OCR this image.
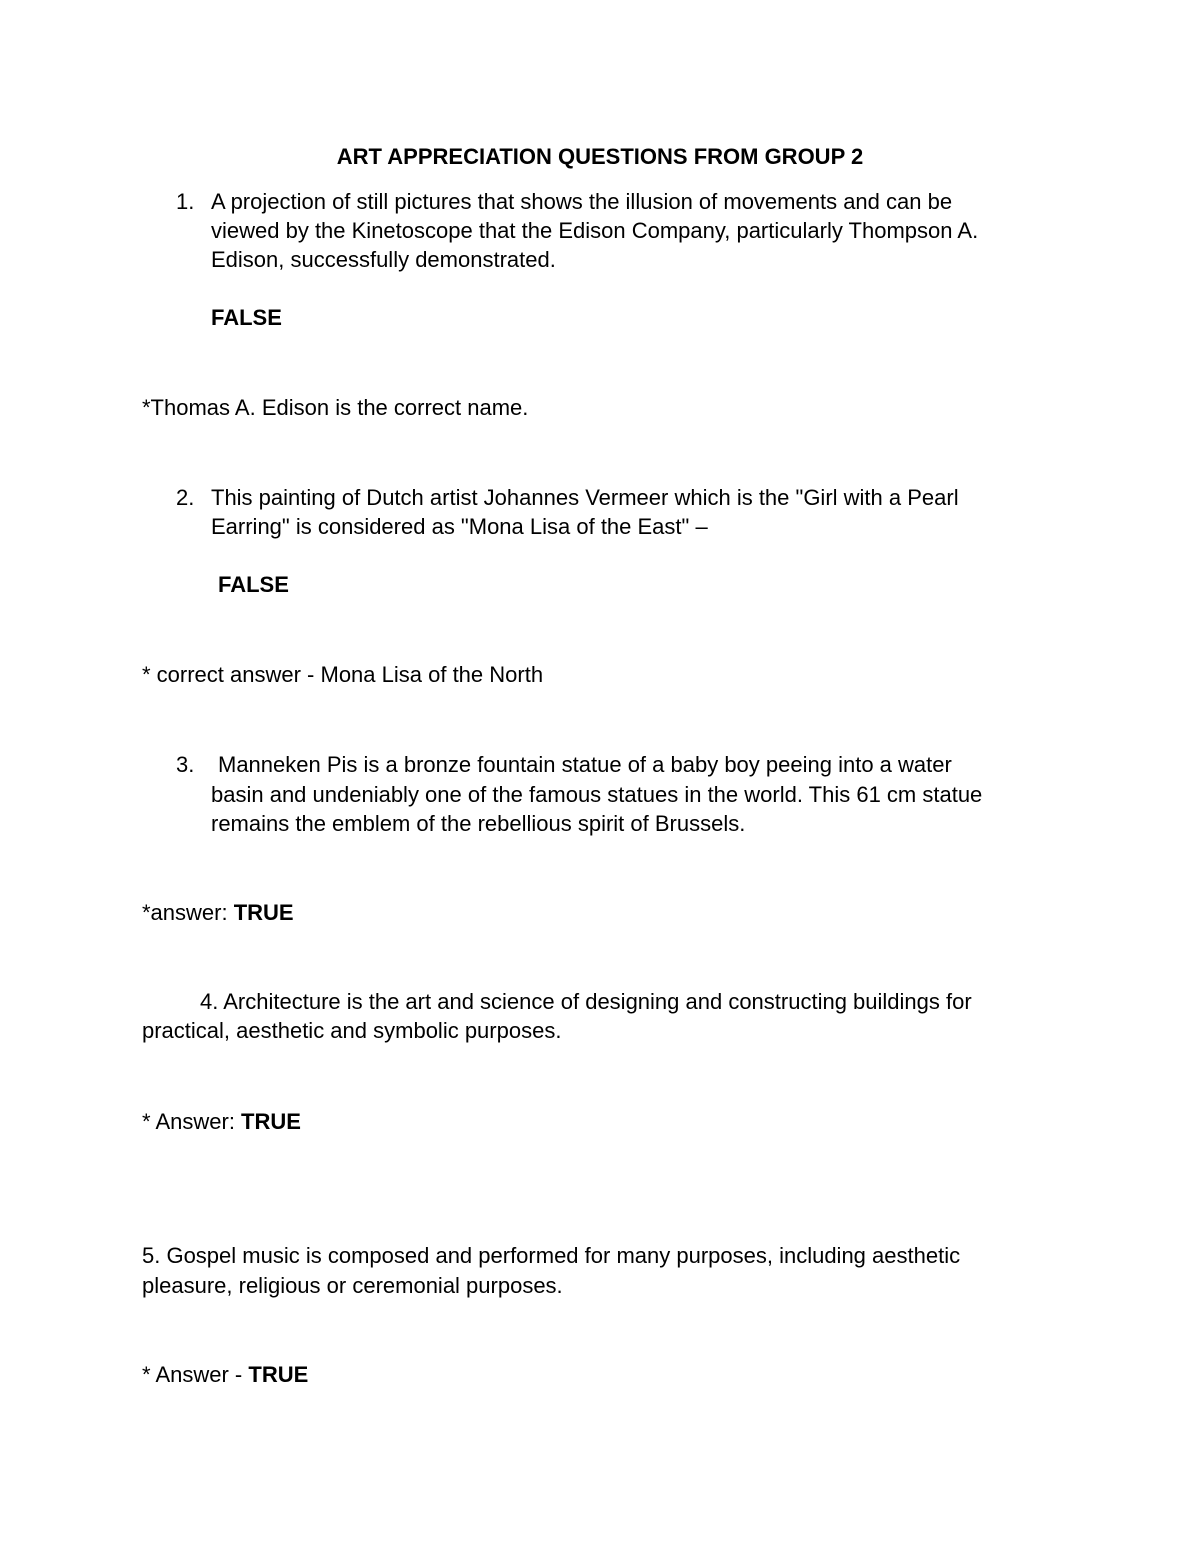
ART APPRECIATION QUESTIONS FROM GROUP 2
1. A projection of still pictures that shows the illusion of movements and can be
viewed by the Kinetoscope that the Edison Company, particularly Thompson A.
Edison, successfully demonstrated.
FALSE
*Thomas A. Edison is the correct name.
2. This painting of Dutch artist Johannes Vermeer which is the "Girl with a Pearl
Earring" is considered as "Mona Lisa of the East" –
FALSE
* correct answer - Mona Lisa of the North
3.	Manneken Pis is a bronze fountain statue of a baby boy peeing into a water
basin and undeniably one of the famous statues in the world. This 61 cm statue
remains the emblem of the rebellious spirit of Brussels.
*answer: TRUE
4. Architecture is the art and science of designing and constructing buildings for
practical, aesthetic and symbolic purposes.
* Answer: TRUE
5. Gospel music is composed and performed for many purposes, including aesthetic
pleasure, religious or ceremonial purposes.
* Answer - TRUE
